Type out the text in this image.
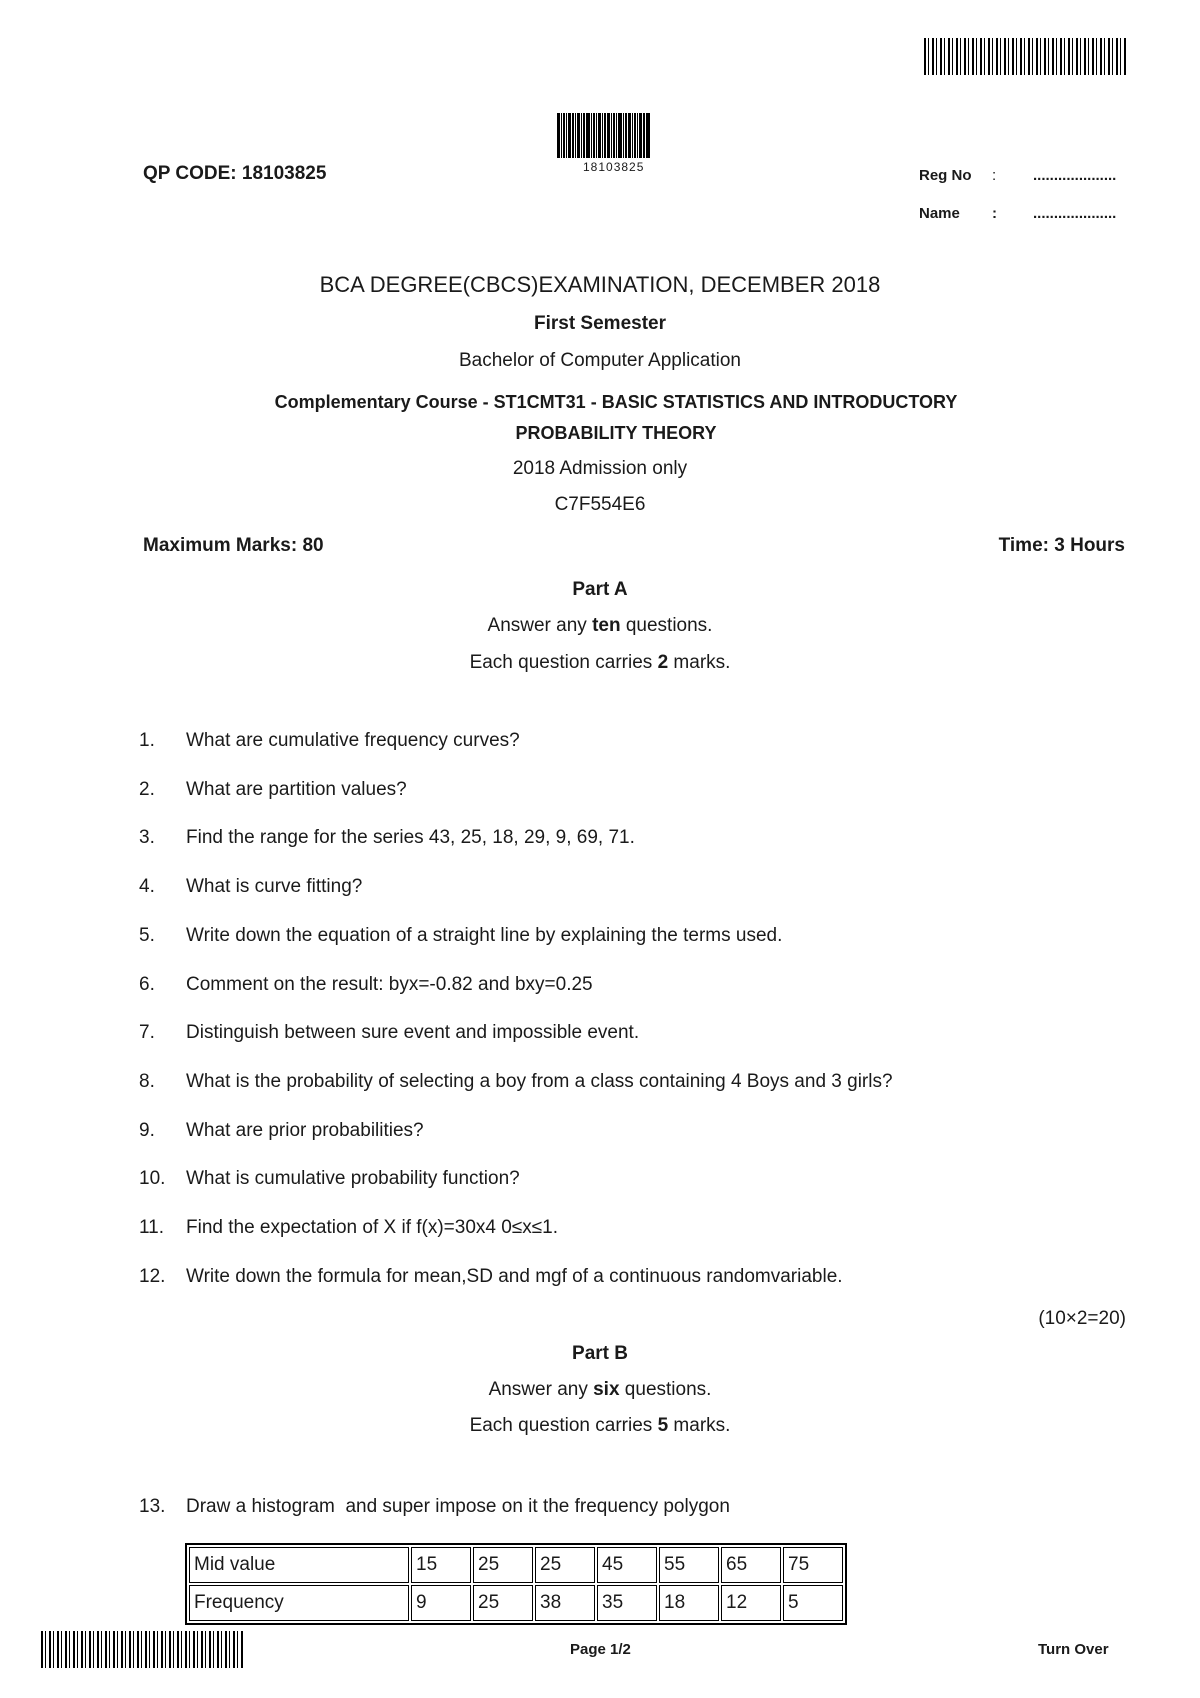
18103825
QP CODE: 18103825	Reg No : ....................
Name : ....................
BCA DEGREE(CBCS)EXAMINATION, DECEMBER 2018
First Semester
Bachelor of Computer Application
Complementary Course - ST1CMT31 - BASIC STATISTICS AND INTRODUCTORY
PROBABILITY THEORY
2018 Admission only
C7F554E6
Maximum Marks: 80	Time: 3 Hours
Part A
Answer any ten questions.
Each question carries 2 marks.
1. What are cumulative frequency curves?
2. What are partition values?
3. Find the range for the series 43, 25, 18, 29, 9, 69, 71.
4. What is curve fitting?
5. Write down the equation of a straight line by explaining the terms used.
6. Comment on the result: byx=-0.82 and bxy=0.25
7. Distinguish between sure event and impossible event.
8. What is the probability of selecting a boy from a class containing 4 Boys and 3 girls?
9. What are prior probabilities?
10. What is cumulative probability function?
11. Find the expectation of X if f(x)=30x4 0≤x≤1.
12. Write down the formula for mean,SD and mgf of a continuous randomvariable.
(10×2=20)
Part B
Answer any six questions.
Each question carries 5 marks.
13. Draw a histogram  and super impose on it the frequency polygon
Mid value	15	25	25	45	55	65	75
Frequency	9	25	38	35	18	12	5
Page 1/2	Turn Over
